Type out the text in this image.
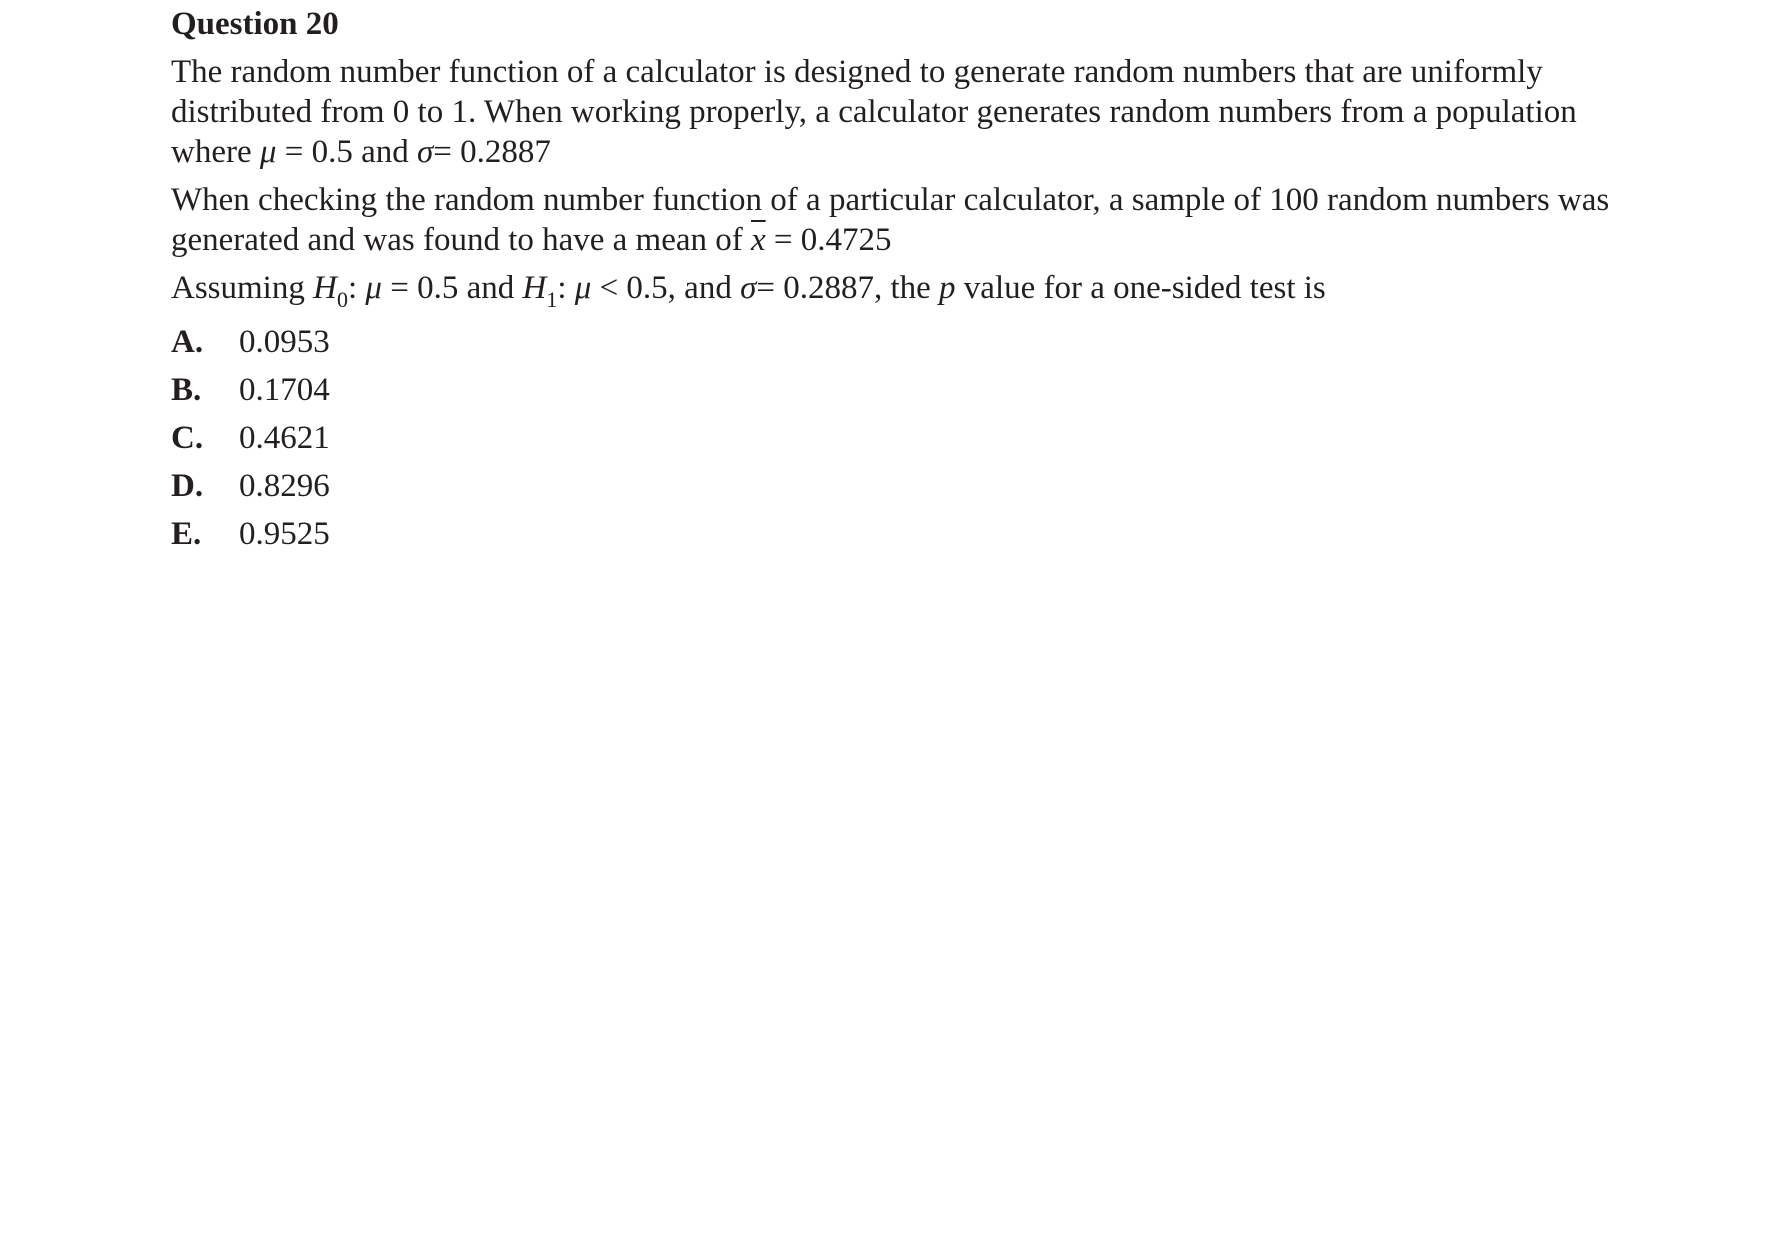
Question 20

The random number function of a calculator is designed to generate random numbers that are uniformly
distributed from 0 to 1. When working properly, a calculator generates random numbers from a population
where μ = 0.5 and σ= 0.2887

When checking the random number function of a particular calculator, a sample of 100 random numbers was
generated and was found to have a mean of $\overline{x} = 0.4725$

Assuming $H_0$: μ = 0.5 and $H_1$: μ < 0.5, and σ= 0.2887, the p value for a one-sided test is

A.	0.0953
B.	0.1704
C.	0.4621
D.	0.8296
E.	0.9525
